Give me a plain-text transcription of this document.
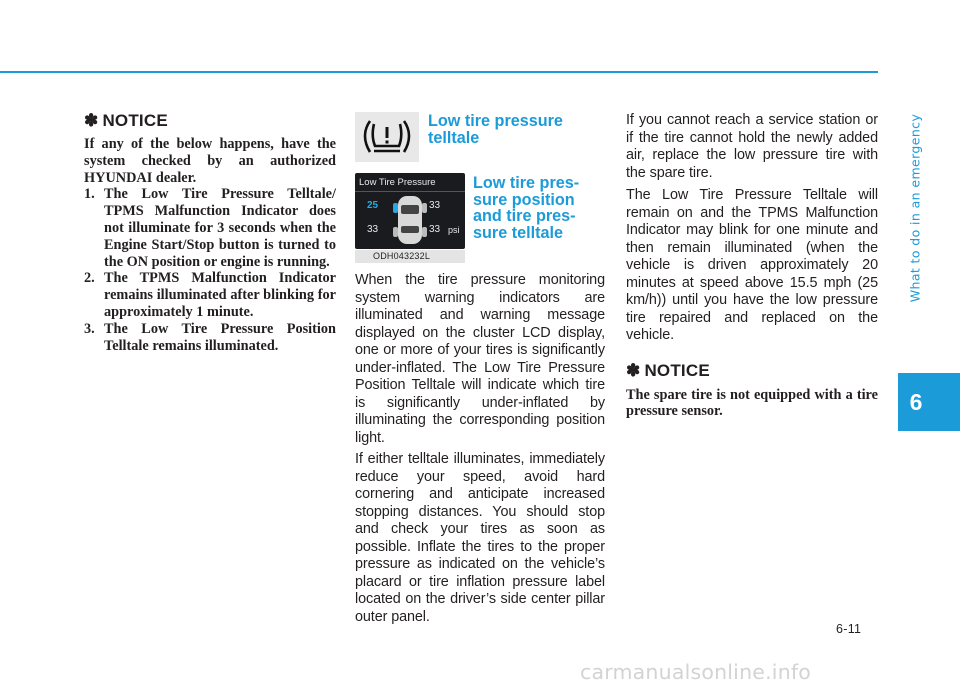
What to do in an emergency
6
✽ NOTICE

If any of the below happens, have the system checked by an authorized HYUNDAI dealer.

1. The Low Tire Pressure Telltale/ TPMS Malfunction Indicator does not illuminate for 3 seconds when the Engine Start/Stop button is turned to the ON position or engine is running.
2. The TPMS Malfunction Indicator remains illuminated after blinking for approximately 1 minute.
3. The Low Tire Pressure Position Telltale remains illuminated.
Low tire pressure
telltale
Low Tire Pressure
25	33
33	33 psi
ODH043232L
Low tire pres-
sure position
and tire pres-
sure telltale

When the tire pressure monitoring system warning indicators are illuminated and warning message displayed on the cluster LCD display, one or more of your tires is significantly under-inflated. The Low Tire Pressure Position Telltale will indicate which tire is significantly under-inflated by illuminating the corresponding position light.

If either telltale illuminates, immediately reduce your speed, avoid hard cornering and anticipate increased stopping distances. You should stop and check your tires as soon as possible. Inflate the tires to the proper pressure as indicated on the vehicle’s placard or tire inflation pressure label located on the driver’s side center pillar outer panel.

If you cannot reach a service station or if the tire cannot hold the newly added air, replace the low pressure tire with the spare tire.

The Low Tire Pressure Telltale will remain on and the TPMS Malfunction Indicator may blink for one minute and then remain illuminated (when the vehicle is driven approximately 20 minutes at speed above 15.5 mph (25 km/h)) until you have the low pressure tire repaired and replaced on the vehicle.

✽ NOTICE

The spare tire is not equipped with a tire pressure sensor.

6-11
carmanualsonline.info
